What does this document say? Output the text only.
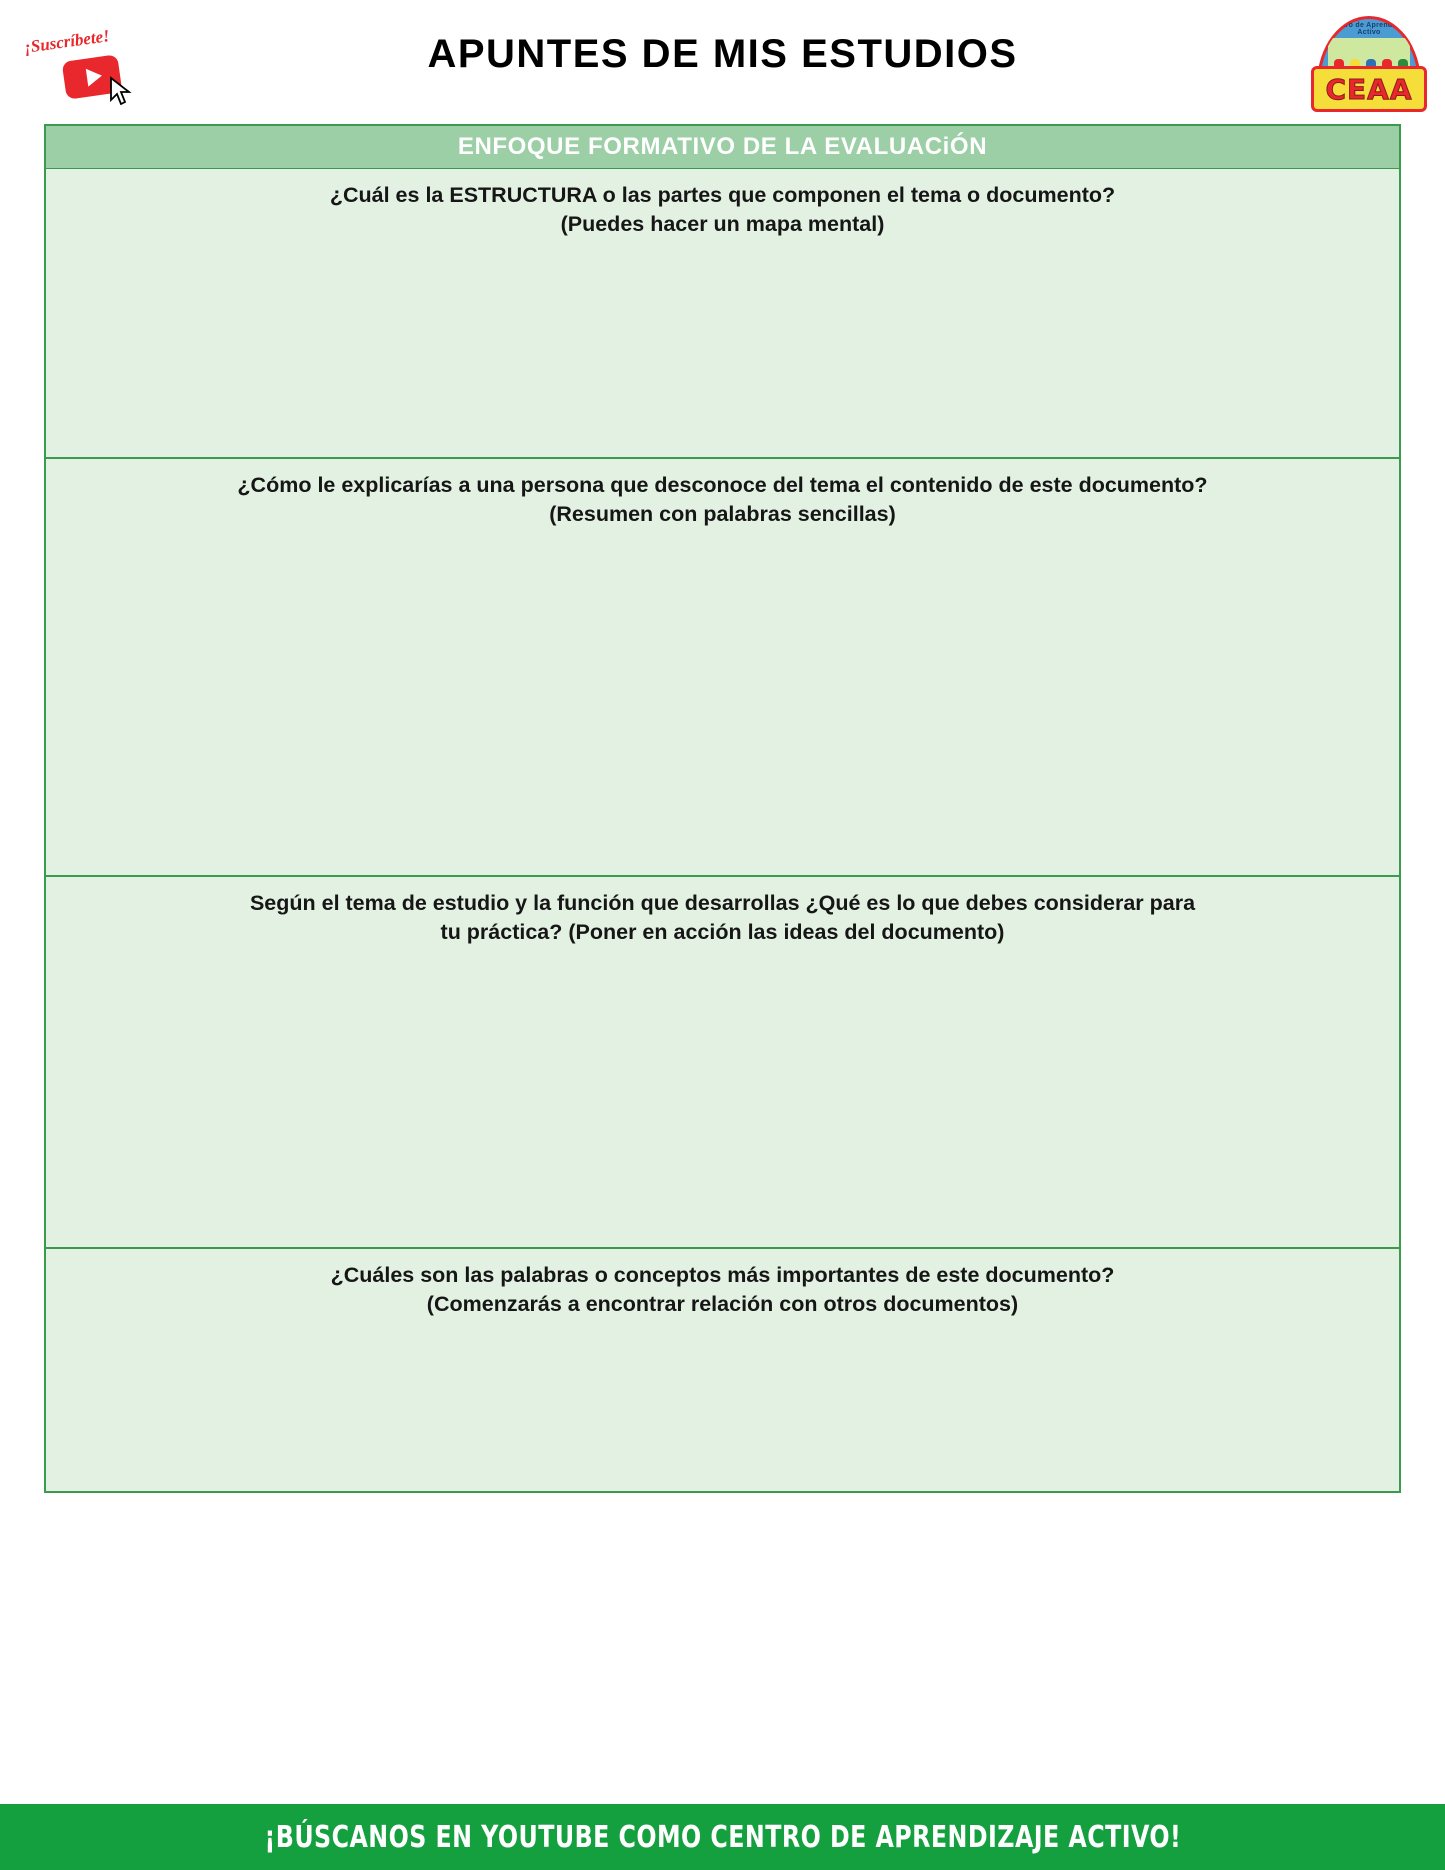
¡Suscríbete!	APUNTES DE MIS ESTUDIOS
Centro de Aprendizaje Activo
CEAA
ENFOQUE FORMATIVO DE LA EVALUACiÓN
¿Cuál es la ESTRUCTURA o las partes que componen el tema o documento?
(Puedes hacer un mapa mental)
¿Cómo le explicarías a una persona que desconoce del tema el contenido de este documento?
(Resumen con palabras sencillas)
Según el tema de estudio y la función que desarrollas ¿Qué es lo que debes considerar para
tu práctica? (Poner en acción las ideas del documento)
¿Cuáles son las palabras o conceptos más importantes de este documento?
(Comenzarás a encontrar relación con otros documentos)
¡BÚSCANOS EN YOUTUBE COMO CENTRO DE APRENDIZAJE ACTIVO!
